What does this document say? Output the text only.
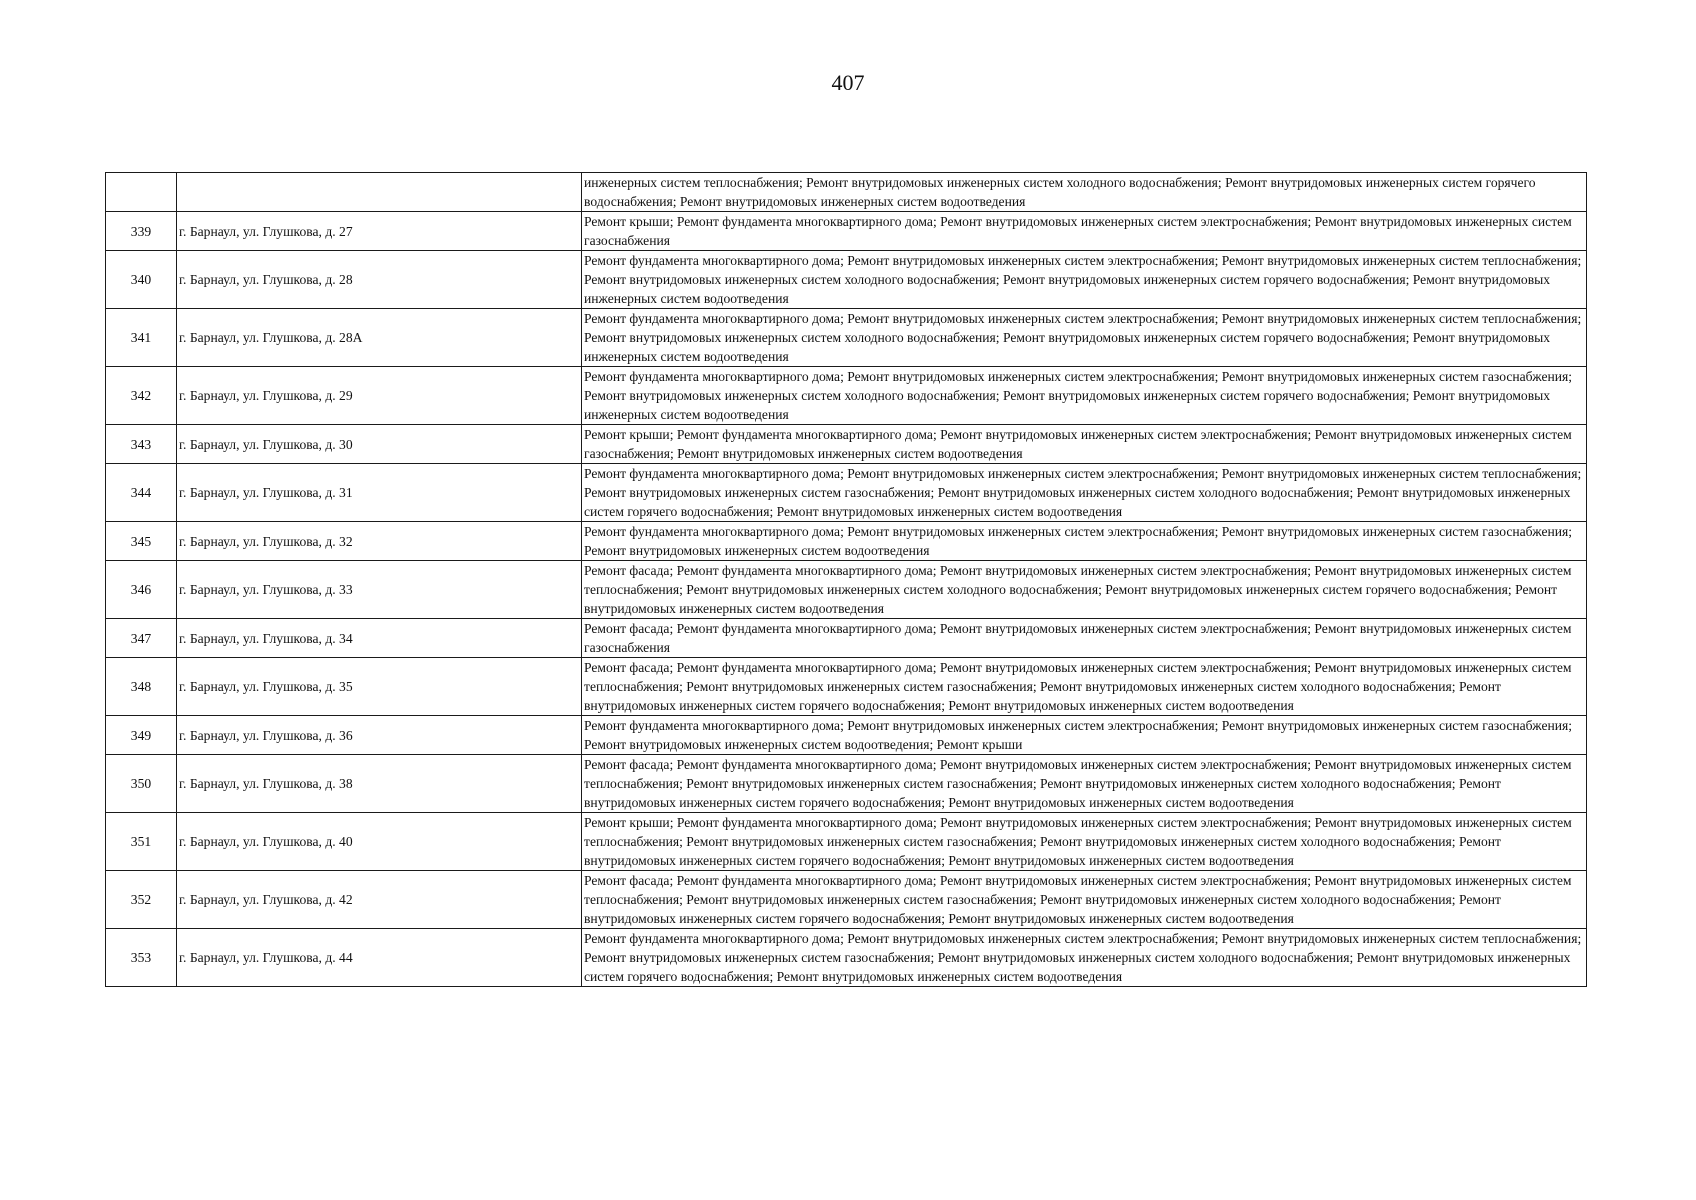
407
		инженерных систем теплоснабжения; Ремонт внутридомовых инженерных систем холодного водоснабжения; Ремонт внутридомовых инженерных систем горячего водоснабжения; Ремонт внутридомовых инженерных систем водоотведения
339	г. Барнаул, ул. Глушкова, д. 27	Ремонт крыши; Ремонт фундамента многоквартирного дома; Ремонт внутридомовых инженерных систем электроснабжения; Ремонт внутридомовых инженерных систем газоснабжения
340	г. Барнаул, ул. Глушкова, д. 28	Ремонт фундамента многоквартирного дома; Ремонт внутридомовых инженерных систем электроснабжения; Ремонт внутридомовых инженерных систем теплоснабжения; Ремонт внутридомовых инженерных систем холодного водоснабжения; Ремонт внутридомовых инженерных систем горячего водоснабжения; Ремонт внутридомовых инженерных систем водоотведения
341	г. Барнаул, ул. Глушкова, д. 28А	Ремонт фундамента многоквартирного дома; Ремонт внутридомовых инженерных систем электроснабжения; Ремонт внутридомовых инженерных систем теплоснабжения; Ремонт внутридомовых инженерных систем холодного водоснабжения; Ремонт внутридомовых инженерных систем горячего водоснабжения; Ремонт внутридомовых инженерных систем водоотведения
342	г. Барнаул, ул. Глушкова, д. 29	Ремонт фундамента многоквартирного дома; Ремонт внутридомовых инженерных систем электроснабжения; Ремонт внутридомовых инженерных систем газоснабжения; Ремонт внутридомовых инженерных систем холодного водоснабжения; Ремонт внутридомовых инженерных систем горячего водоснабжения; Ремонт внутридомовых инженерных систем водоотведения
343	г. Барнаул, ул. Глушкова, д. 30	Ремонт крыши; Ремонт фундамента многоквартирного дома; Ремонт внутридомовых инженерных систем электроснабжения; Ремонт внутридомовых инженерных систем газоснабжения; Ремонт внутридомовых инженерных систем водоотведения
344	г. Барнаул, ул. Глушкова, д. 31	Ремонт фундамента многоквартирного дома; Ремонт внутридомовых инженерных систем электроснабжения; Ремонт внутридомовых инженерных систем теплоснабжения; Ремонт внутридомовых инженерных систем газоснабжения; Ремонт внутридомовых инженерных систем холодного водоснабжения; Ремонт внутридомовых инженерных систем горячего водоснабжения; Ремонт внутридомовых инженерных систем водоотведения
345	г. Барнаул, ул. Глушкова, д. 32	Ремонт фундамента многоквартирного дома; Ремонт внутридомовых инженерных систем электроснабжения; Ремонт внутридомовых инженерных систем газоснабжения; Ремонт внутридомовых инженерных систем водоотведения
346	г. Барнаул, ул. Глушкова, д. 33	Ремонт фасада; Ремонт фундамента многоквартирного дома; Ремонт внутридомовых инженерных систем электроснабжения; Ремонт внутридомовых инженерных систем теплоснабжения; Ремонт внутридомовых инженерных систем холодного водоснабжения; Ремонт внутридомовых инженерных систем горячего водоснабжения; Ремонт внутридомовых инженерных систем водоотведения
347	г. Барнаул, ул. Глушкова, д. 34	Ремонт фасада; Ремонт фундамента многоквартирного дома; Ремонт внутридомовых инженерных систем электроснабжения; Ремонт внутридомовых инженерных систем газоснабжения
348	г. Барнаул, ул. Глушкова, д. 35	Ремонт фасада; Ремонт фундамента многоквартирного дома; Ремонт внутридомовых инженерных систем электроснабжения; Ремонт внутридомовых инженерных систем теплоснабжения; Ремонт внутридомовых инженерных систем газоснабжения; Ремонт внутридомовых инженерных систем холодного водоснабжения; Ремонт внутридомовых инженерных систем горячего водоснабжения; Ремонт внутридомовых инженерных систем водоотведения
349	г. Барнаул, ул. Глушкова, д. 36	Ремонт фундамента многоквартирного дома; Ремонт внутридомовых инженерных систем электроснабжения; Ремонт внутридомовых инженерных систем газоснабжения; Ремонт внутридомовых инженерных систем водоотведения; Ремонт крыши
350	г. Барнаул, ул. Глушкова, д. 38	Ремонт фасада; Ремонт фундамента многоквартирного дома; Ремонт внутридомовых инженерных систем электроснабжения; Ремонт внутридомовых инженерных систем теплоснабжения; Ремонт внутридомовых инженерных систем газоснабжения; Ремонт внутридомовых инженерных систем холодного водоснабжения; Ремонт внутридомовых инженерных систем горячего водоснабжения; Ремонт внутридомовых инженерных систем водоотведения
351	г. Барнаул, ул. Глушкова, д. 40	Ремонт крыши; Ремонт фундамента многоквартирного дома; Ремонт внутридомовых инженерных систем электроснабжения; Ремонт внутридомовых инженерных систем теплоснабжения; Ремонт внутридомовых инженерных систем газоснабжения; Ремонт внутридомовых инженерных систем холодного водоснабжения; Ремонт внутридомовых инженерных систем горячего водоснабжения; Ремонт внутридомовых инженерных систем водоотведения
352	г. Барнаул, ул. Глушкова, д. 42	Ремонт фасада; Ремонт фундамента многоквартирного дома; Ремонт внутридомовых инженерных систем электроснабжения; Ремонт внутридомовых инженерных систем теплоснабжения; Ремонт внутридомовых инженерных систем газоснабжения; Ремонт внутридомовых инженерных систем холодного водоснабжения; Ремонт внутридомовых инженерных систем горячего водоснабжения; Ремонт внутридомовых инженерных систем водоотведения
353	г. Барнаул, ул. Глушкова, д. 44	Ремонт фундамента многоквартирного дома; Ремонт внутридомовых инженерных систем электроснабжения; Ремонт внутридомовых инженерных систем теплоснабжения; Ремонт внутридомовых инженерных систем газоснабжения; Ремонт внутридомовых инженерных систем холодного водоснабжения; Ремонт внутридомовых инженерных систем горячего водоснабжения; Ремонт внутридомовых инженерных систем водоотведения
